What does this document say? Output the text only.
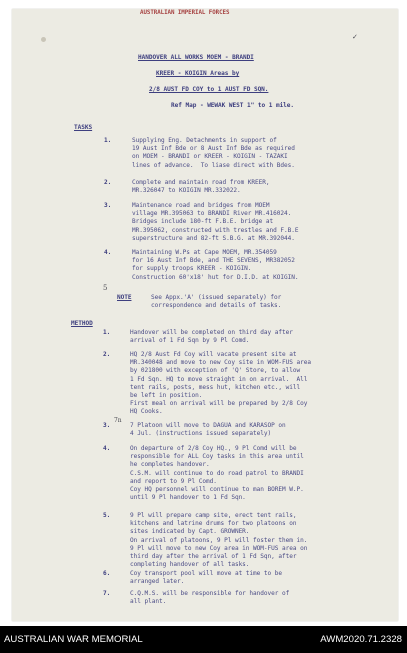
✓
AUSTRALIAN IMPERIAL FORCES
HANDOVER ALL WORKS MOEM - BRANDI
KREER - KOIGIN Areas by
2/8 AUST FD COY to 1 AUST FD SQN.
Ref Map - WEWAK WEST 1" to 1 mile.
TASKS
1.	Supplying Eng. Detachments in support of
19 Aust Inf Bde or 8 Aust Inf Bde as required
on MOEM - BRANDI or KREER - KOIGIN - TAZAKI
lines of advance.  To liase direct with Bdes.
2.	Complete and maintain road from KREER,
MR.326047 to KOIGIN MR.332022.
3.	Maintenance road and bridges from MOEM
village MR.395063 to BRANDI River MR.416024.
Bridges include 180-ft F.B.E. bridge at
MR.395062, constructed with trestles and F.B.E
superstructure and 82-ft S.B.G. at MR.392044.
4.	Maintaining W.Ps at Cape MOEM, MR.354059
for 16 Aust Inf Bde, and THE SEVENS, MR382052
for supply troops KREER - KOIGIN.
Construction 60'x18' hut for D.I.D. at KOIGIN.
5
NOTE	See Appx.'A' (issued separately) for
correspondence and details of tasks.
METHOD
1.	Handover will be completed on third day after
arrival of 1 Fd Sqn by 9 Pl Comd.
2.	HQ 2/8 Aust Fd Coy will vacate present site at
MR.340048 and move to new Coy site in WOM-FUS area
by 021800 with exception of 'Q' Store, to allow
1 Fd Sqn. HQ to move straight in on arrival.  All
tent rails, posts, mess hut, kitchen etc., will
be left in position.
First meal on arrival will be prepared by 2/8 Coy
HQ Cooks.
3.	7 Platoon will move to DAGUA and KARASOP on
4 Jul. (instructions issued separately)
4.	On departure of 2/8 Coy HQ., 9 Pl Comd will be
responsible for ALL Coy tasks in this area until
he completes handover.
C.S.M. will continue to do road patrol to BRANDI
and report to 9 Pl Comd.
Coy HQ personnel will continue to man BOREM W.P.
until 9 Pl handover to 1 Fd Sqn.
5.	9 Pl will prepare camp site, erect tent rails,
kitchens and latrine drums for two platoons on
sites indicated by Capt. GROWNER.
On arrival of platoons, 9 Pl will foster them in.
9 Pl will move to new Coy area in WOM-FUS area on
third day after the arrival of 1 Fd Sqn, after
completing handover of all tasks.
6.	Coy transport pool will move at time to be
arranged later.
7.	C.Q.M.S. will be responsible for handover of
all plant.
7n
AUSTRALIAN WAR MEMORIAL	AWM2020.71.2328
